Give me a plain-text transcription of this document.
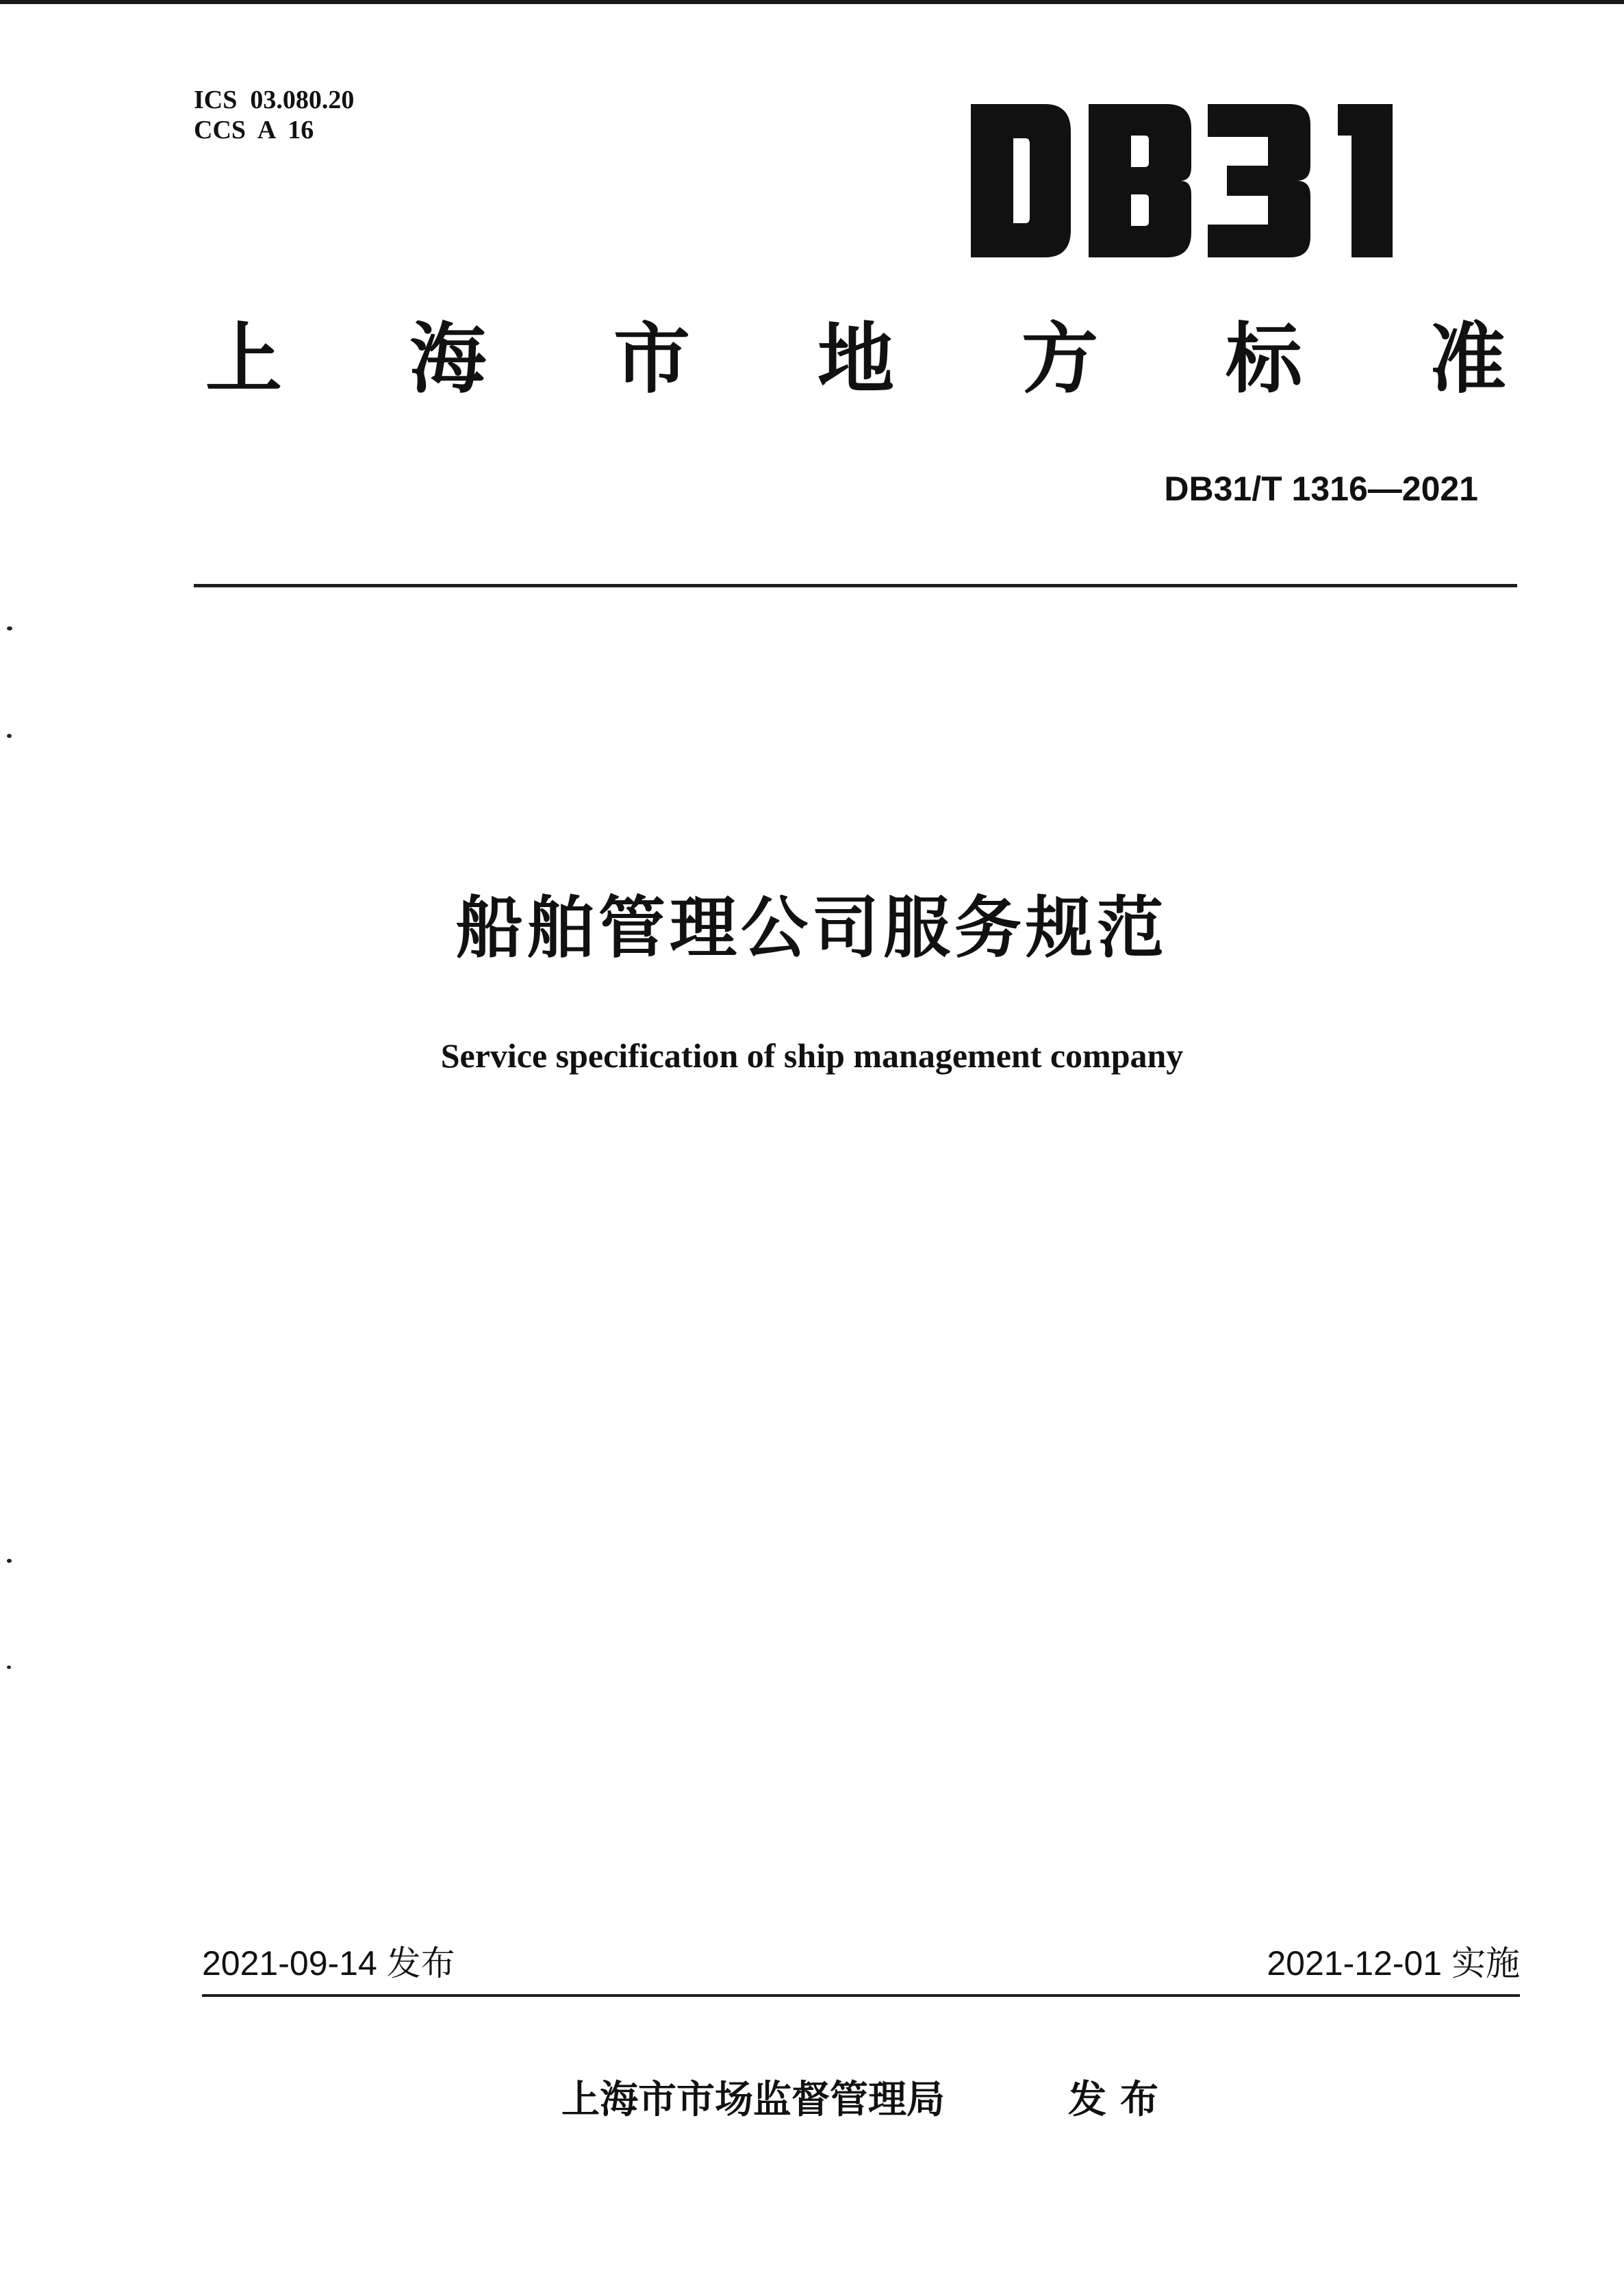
ICS  03.080.20
CCS  A  16
上 海 市 地 方 标 准
DB31/T 1316—2021
船舶管理公司服务规范
Service specification of ship management company
2021-09-14 发布	2021-12-01 实施
上海市市场监督管理局	发布
